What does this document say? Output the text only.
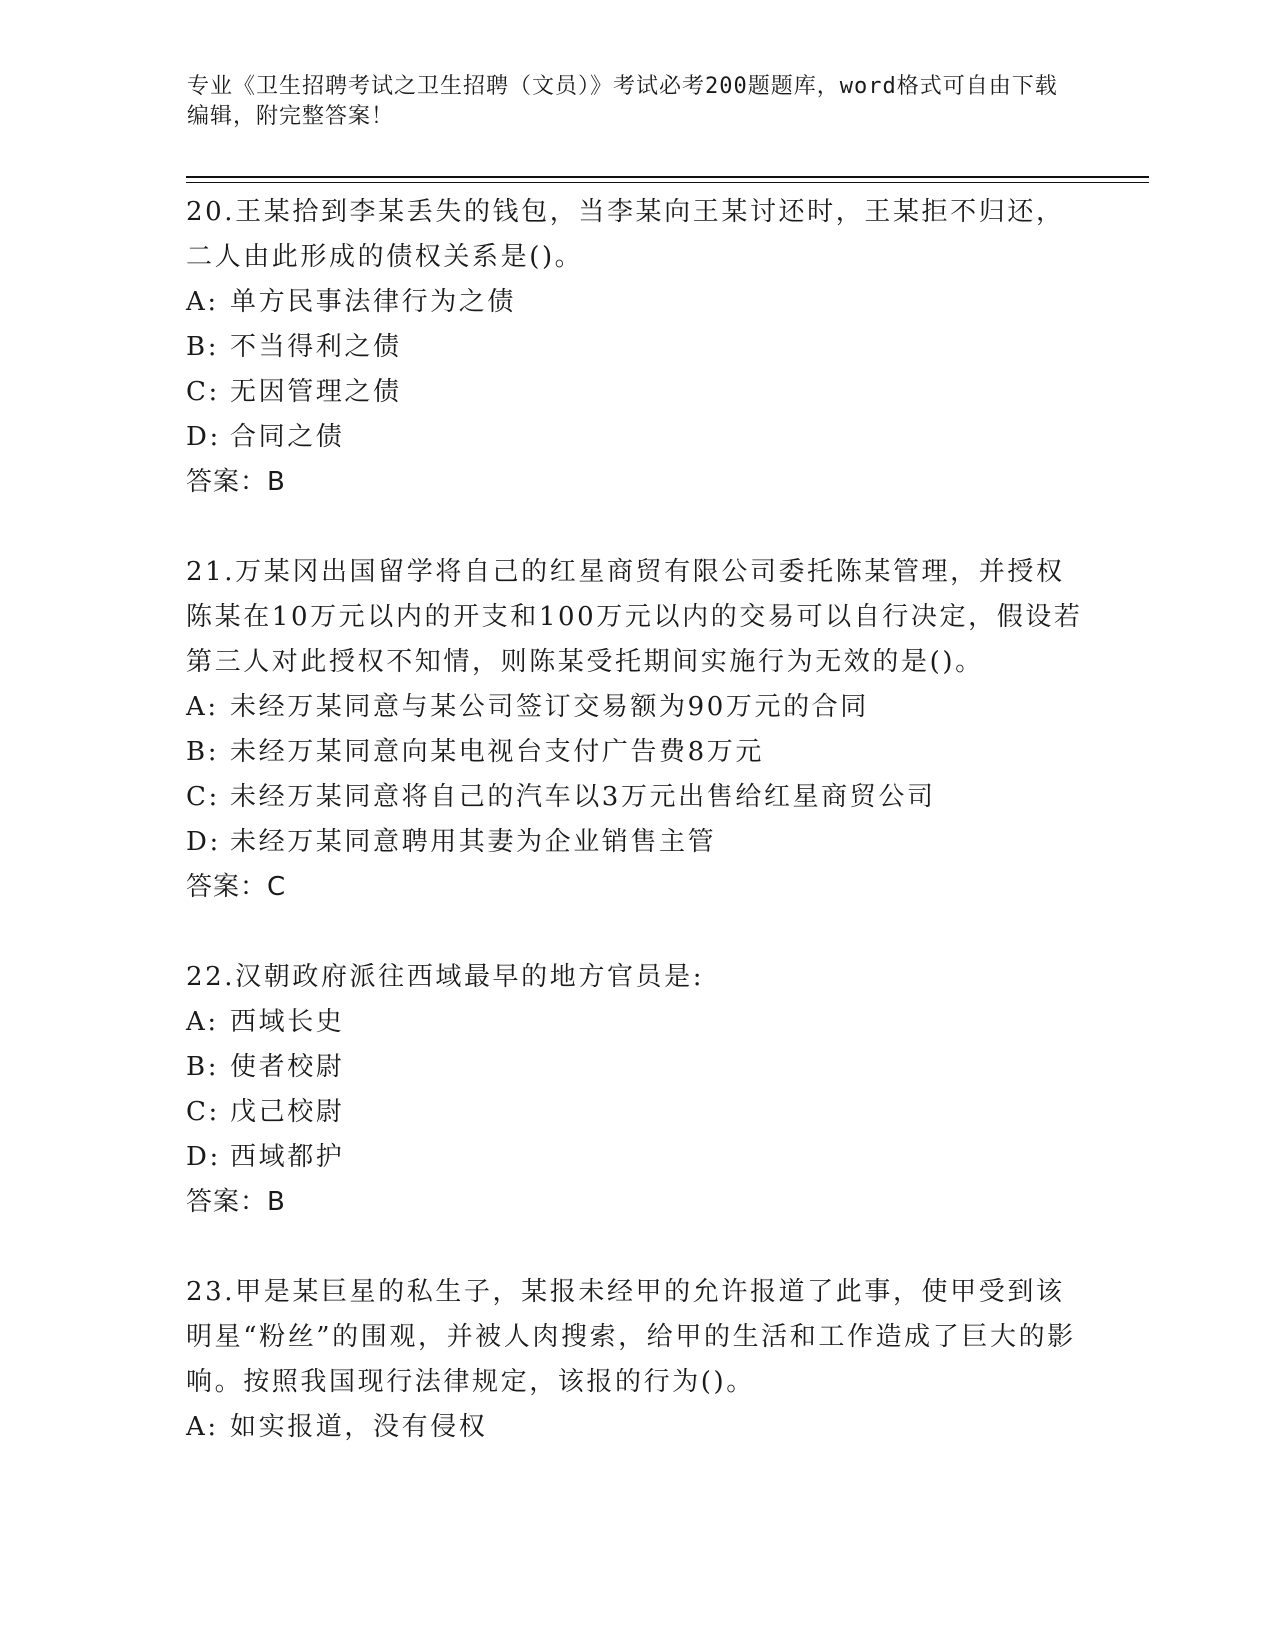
专业《卫生招聘考试之卫生招聘（文员）》考试必考200题题库，word格式可自由下载编辑，附完整答案！
20.王某拾到李某丢失的钱包，当李某向王某讨还时，王某拒不归还，二人由此形成的债权关系是()。
A: 单方民事法律行为之债
B: 不当得利之债
C: 无因管理之债
D: 合同之债
答案：B
21.万某冈出国留学将自己的红星商贸有限公司委托陈某管理，并授权陈某在10万元以内的开支和100万元以内的交易可以自行决定，假设若第三人对此授权不知情，则陈某受托期间实施行为无效的是()。
A: 未经万某同意与某公司签订交易额为90万元的合同
B: 未经万某同意向某电视台支付广告费8万元
C: 未经万某同意将自己的汽车以3万元出售给红星商贸公司
D: 未经万某同意聘用其妻为企业销售主管
答案：C
22.汉朝政府派往西域最早的地方官员是:
A: 西域长史
B: 使者校尉
C: 戊己校尉
D: 西域都护
答案：B
23.甲是某巨星的私生子，某报未经甲的允许报道了此事，使甲受到该明星“粉丝”的围观，并被人肉搜索，给甲的生活和工作造成了巨大的影响。按照我国现行法律规定，该报的行为()。
A: 如实报道，没有侵权
